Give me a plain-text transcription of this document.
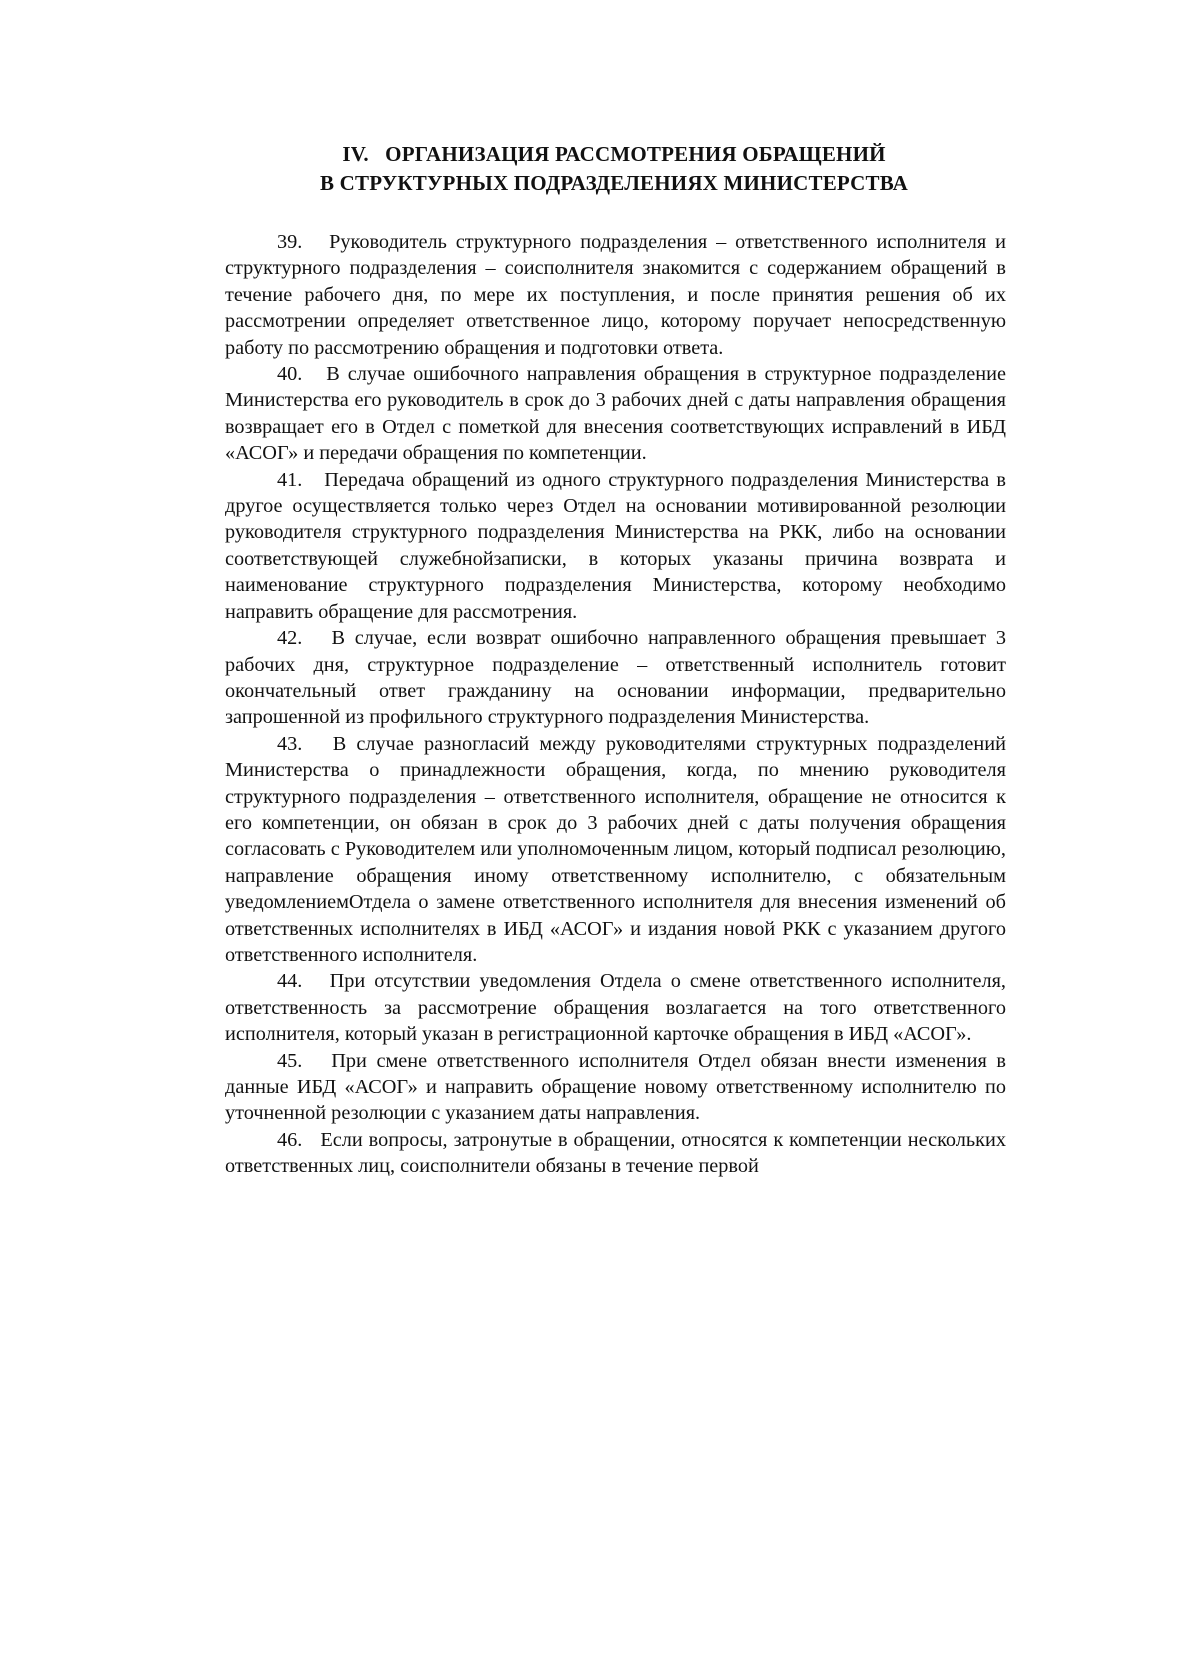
IV.   ОРГАНИЗАЦИЯ РАССМОТРЕНИЯ ОБРАЩЕНИЙ
В СТРУКТУРНЫХ ПОДРАЗДЕЛЕНИЯХ МИНИСТЕРСТВА

39. Руководитель структурного подразделения – ответственного исполнителя и структурного подразделения – соисполнителя знакомится с содержанием обращений в течение рабочего дня, по мере их поступления, и после принятия решения об их рассмотрении определяет ответственное лицо, которому поручает непосредственную работу по рассмотрению обращения и подготовки ответа.

40. В случае ошибочного направления обращения в структурное подразделение Министерства его руководитель в срок до 3 рабочих дней с даты направления обращения возвращает его в Отдел с пометкой для внесения соответствующих исправлений в ИБД «АСОГ» и передачи обращения по компетенции.

41. Передача обращений из одного структурного подразделения Министерства в другое осуществляется только через Отдел на основании мотивированной резолюции руководителя структурного подразделения Министерства на РКК, либо на основании соответствующей служебнойзаписки, в которых указаны причина возврата и наименование структурного подразделения Министерства, которому необходимо направить обращение для рассмотрения.

42. В случае, если возврат ошибочно направленного обращения превышает 3 рабочих дня, структурное подразделение – ответственный исполнитель готовит окончательный ответ гражданину на основании информации, предварительно запрошенной из профильного структурного подразделения Министерства.

43. В случае разногласий между руководителями структурных подразделений Министерства о принадлежности обращения, когда, по мнению руководителя структурного подразделения – ответственного исполнителя, обращение не относится к его компетенции, он обязан в срок до 3 рабочих дней с даты получения обращения согласовать с Руководителем или уполномоченным лицом, который подписал резолюцию, направление обращения иному ответственному исполнителю, с обязательным уведомлениемОтдела о замене ответственного исполнителя для внесения изменений об ответственных исполнителях в ИБД «АСОГ» и издания новой РКК с указанием другого ответственного исполнителя.

44. При отсутствии уведомления Отдела о смене ответственного исполнителя, ответственность за рассмотрение обращения возлагается на того ответственного исполнителя, который указан в регистрационной карточке обращения в ИБД «АСОГ».

45. При смене ответственного исполнителя Отдел обязан внести изменения в данные ИБД «АСОГ» и направить обращение новому ответственному исполнителю по уточненной резолюции с указанием даты направления.

46. Если вопросы, затронутые в обращении, относятся к компетенции нескольких ответственных лиц, соисполнители обязаны в течение первой
